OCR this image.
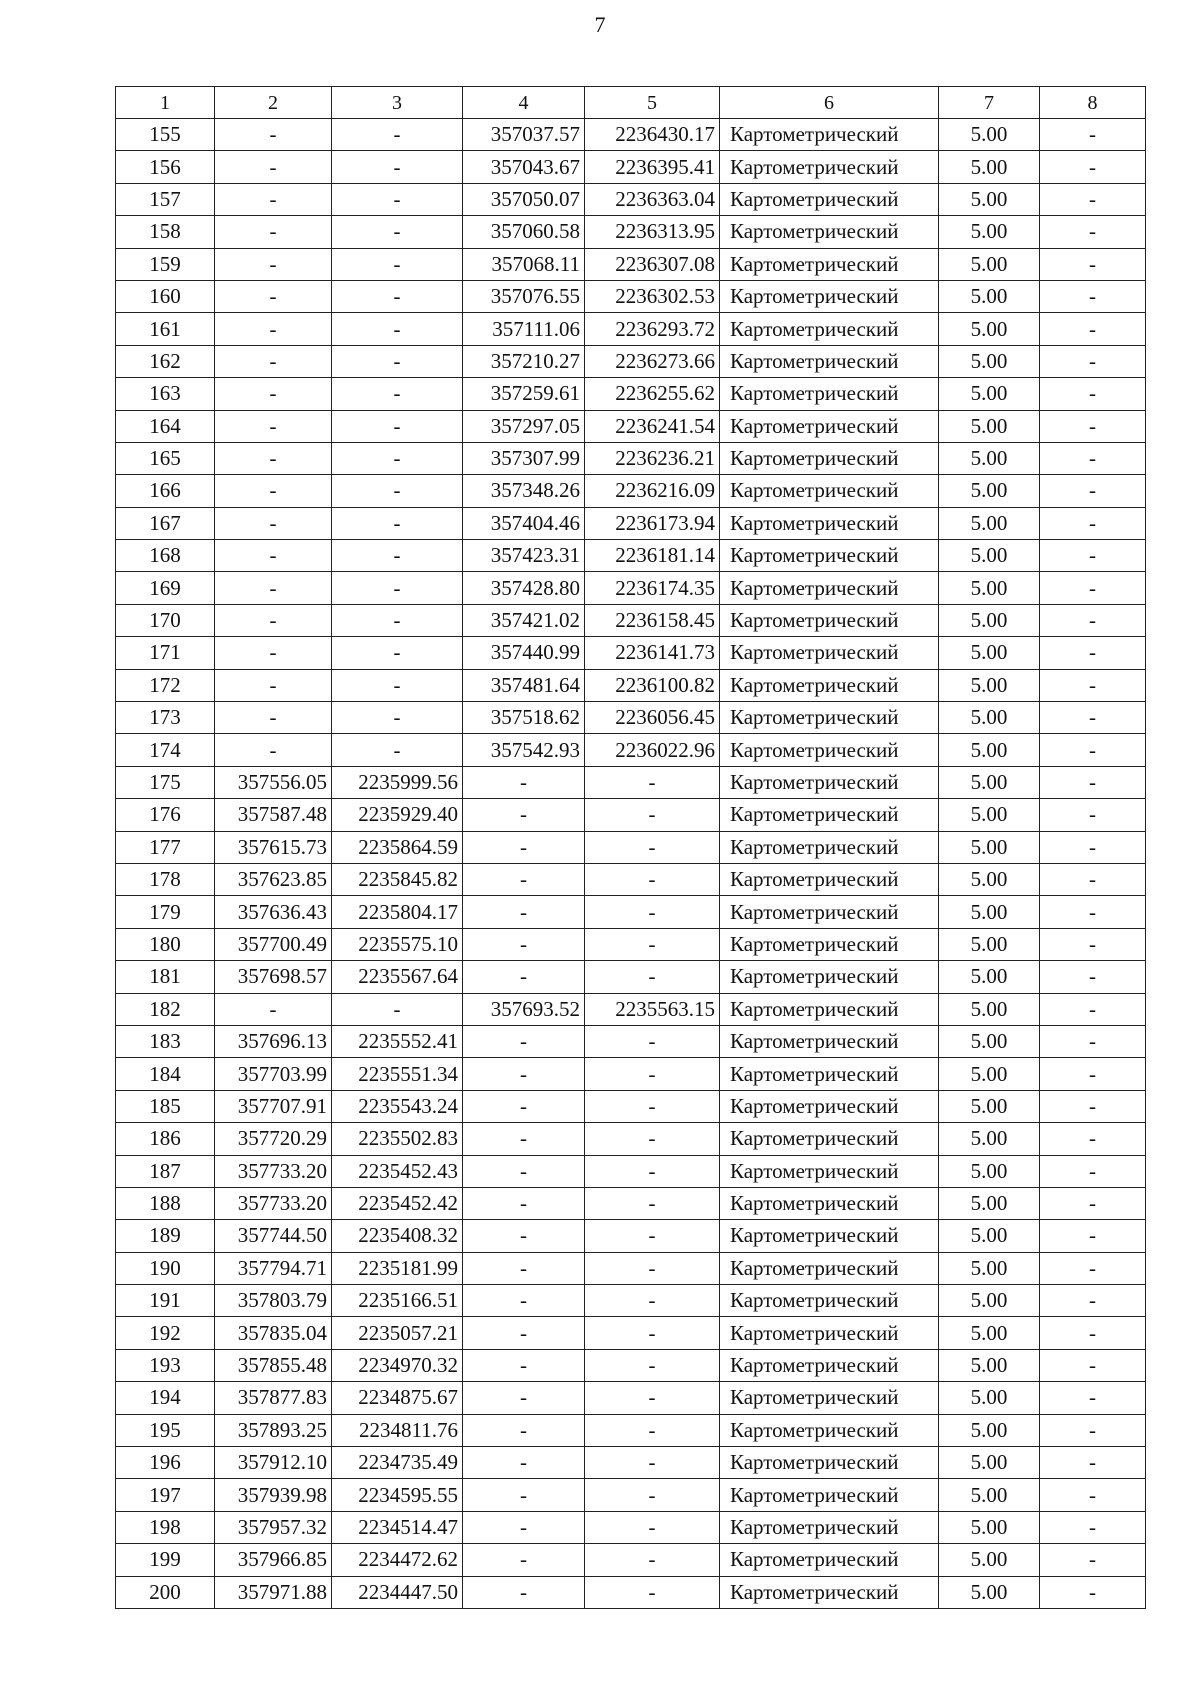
7
1	2	3	4	5	6	7	8
155	-	-	357037.57	2236430.17	Картометрический	5.00	-
156	-	-	357043.67	2236395.41	Картометрический	5.00	-
157	-	-	357050.07	2236363.04	Картометрический	5.00	-
158	-	-	357060.58	2236313.95	Картометрический	5.00	-
159	-	-	357068.11	2236307.08	Картометрический	5.00	-
160	-	-	357076.55	2236302.53	Картометрический	5.00	-
161	-	-	357111.06	2236293.72	Картометрический	5.00	-
162	-	-	357210.27	2236273.66	Картометрический	5.00	-
163	-	-	357259.61	2236255.62	Картометрический	5.00	-
164	-	-	357297.05	2236241.54	Картометрический	5.00	-
165	-	-	357307.99	2236236.21	Картометрический	5.00	-
166	-	-	357348.26	2236216.09	Картометрический	5.00	-
167	-	-	357404.46	2236173.94	Картометрический	5.00	-
168	-	-	357423.31	2236181.14	Картометрический	5.00	-
169	-	-	357428.80	2236174.35	Картометрический	5.00	-
170	-	-	357421.02	2236158.45	Картометрический	5.00	-
171	-	-	357440.99	2236141.73	Картометрический	5.00	-
172	-	-	357481.64	2236100.82	Картометрический	5.00	-
173	-	-	357518.62	2236056.45	Картометрический	5.00	-
174	-	-	357542.93	2236022.96	Картометрический	5.00	-
175	357556.05	2235999.56	-	-	Картометрический	5.00	-
176	357587.48	2235929.40	-	-	Картометрический	5.00	-
177	357615.73	2235864.59	-	-	Картометрический	5.00	-
178	357623.85	2235845.82	-	-	Картометрический	5.00	-
179	357636.43	2235804.17	-	-	Картометрический	5.00	-
180	357700.49	2235575.10	-	-	Картометрический	5.00	-
181	357698.57	2235567.64	-	-	Картометрический	5.00	-
182	-	-	357693.52	2235563.15	Картометрический	5.00	-
183	357696.13	2235552.41	-	-	Картометрический	5.00	-
184	357703.99	2235551.34	-	-	Картометрический	5.00	-
185	357707.91	2235543.24	-	-	Картометрический	5.00	-
186	357720.29	2235502.83	-	-	Картометрический	5.00	-
187	357733.20	2235452.43	-	-	Картометрический	5.00	-
188	357733.20	2235452.42	-	-	Картометрический	5.00	-
189	357744.50	2235408.32	-	-	Картометрический	5.00	-
190	357794.71	2235181.99	-	-	Картометрический	5.00	-
191	357803.79	2235166.51	-	-	Картометрический	5.00	-
192	357835.04	2235057.21	-	-	Картометрический	5.00	-
193	357855.48	2234970.32	-	-	Картометрический	5.00	-
194	357877.83	2234875.67	-	-	Картометрический	5.00	-
195	357893.25	2234811.76	-	-	Картометрический	5.00	-
196	357912.10	2234735.49	-	-	Картометрический	5.00	-
197	357939.98	2234595.55	-	-	Картометрический	5.00	-
198	357957.32	2234514.47	-	-	Картометрический	5.00	-
199	357966.85	2234472.62	-	-	Картометрический	5.00	-
200	357971.88	2234447.50	-	-	Картометрический	5.00	-
